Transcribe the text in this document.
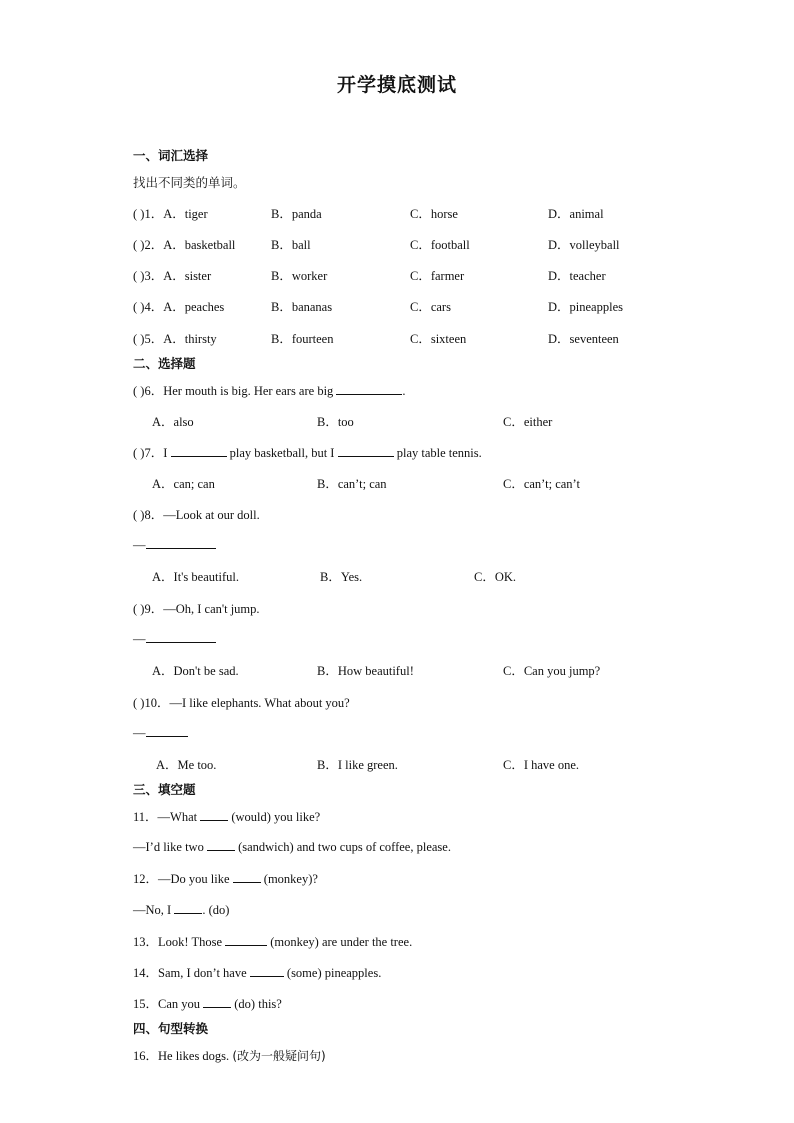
开学摸底测试
一、词汇选择
找出不同类的单词。
( )1．A．tiger	B．panda	C．horse	D．animal
( )2．A．basketball	B．ball	C．football	D．volleyball
( )3．A．sister	B．worker	C．farmer	D．teacher
( )4．A．peaches	B．bananas	C．cars	D．pineapples
( )5．A．thirsty	B．fourteen	C．sixteen	D．seventeen
二、选择题
( )6．Her mouth is big. Her ears are big	.
A．also	B．too	C．either
( )7．I	play basketball, but I	play table tennis.
A．can; can	B．can’t; can	C．can’t; can’t
( )8．—Look at our doll.
—
A．It's beautiful.	B．Yes.	C．OK.
( )9．—Oh, I can't jump.
—
A．Don't be sad.	B．How beautiful!	C．Can you jump?
( )10．—I like elephants. What about you?
—
A．Me too.	B．I like green.	C．I have one.
三、填空题
11．—What  (would) you like?
—I’d like two  (sandwich) and two cups of coffee, please.
12．—Do you like  (monkey)?
—No, I . (do)
13．Look! Those	(monkey) are under the tree.
14．Sam, I don’t have	(some) pineapples.
15．Can you  (do) this?
四、句型转换
16．He likes dogs. (改为一般疑问句)
